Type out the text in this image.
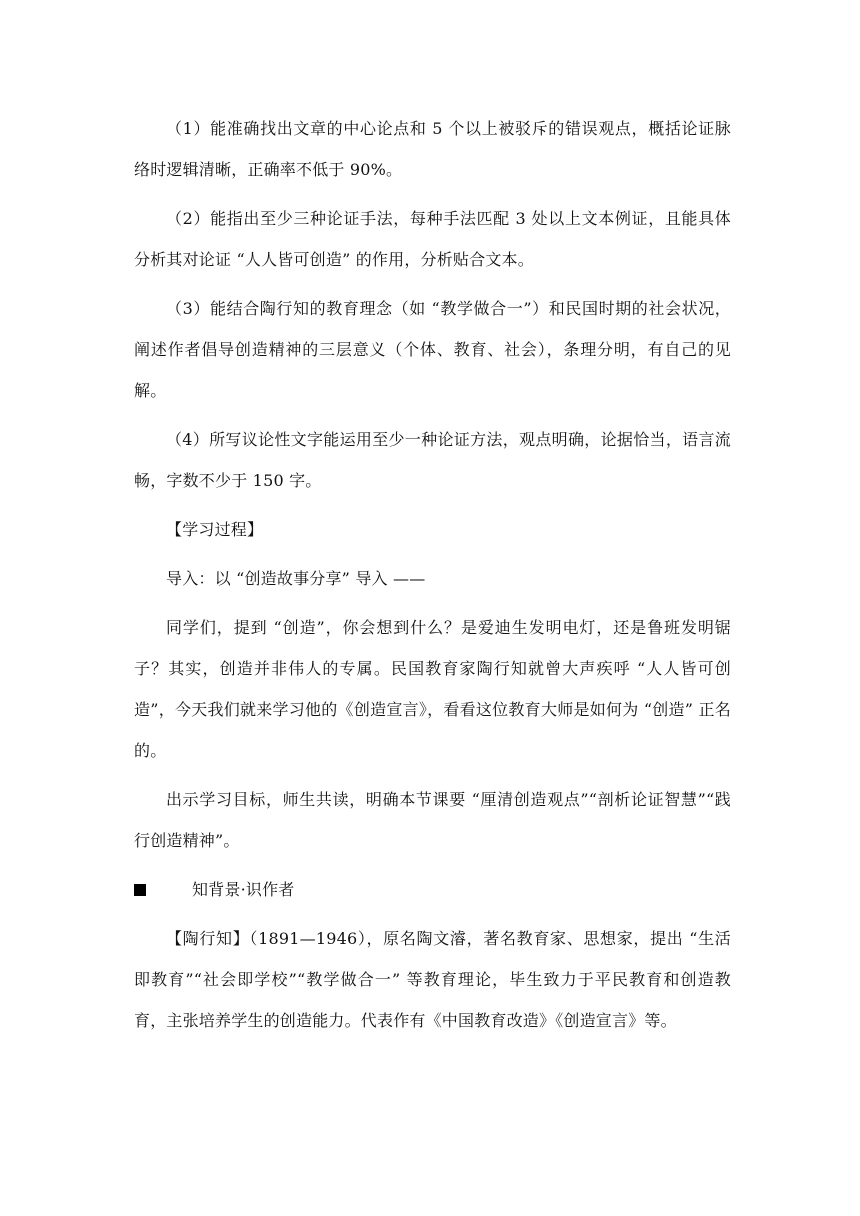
（1）能准确找出文章的中心论点和 5 个以上被驳斥的错误观点，概括论证脉络时逻辑清晰，正确率不低于 90%。

（2）能指出至少三种论证手法，每种手法匹配 3 处以上文本例证，且能具体分析其对论证 “人人皆可创造” 的作用，分析贴合文本。

（3）能结合陶行知的教育理念（如 “教学做合一”）和民国时期的社会状况，阐述作者倡导创造精神的三层意义（个体、教育、社会），条理分明，有自己的见解。

（4）所写议论性文字能运用至少一种论证方法，观点明确，论据恰当，语言流畅，字数不少于 150 字。

【学习过程】

导入：以 “创造故事分享” 导入 ——

同学们，提到 “创造”，你会想到什么？是爱迪生发明电灯，还是鲁班发明锯子？其实，创造并非伟人的专属。民国教育家陶行知就曾大声疾呼 “人人皆可创造”，今天我们就来学习他的《创造宣言》，看看这位教育大师是如何为 “创造” 正名的。

出示学习目标，师生共读，明确本节课要 “厘清创造观点”“剖析论证智慧”“践行创造精神”。

知背景·识作者

【陶行知】（1891—1946），原名陶文濬，著名教育家、思想家，提出 “生活即教育”“社会即学校”“教学做合一” 等教育理论，毕生致力于平民教育和创造教育，主张培养学生的创造能力。代表作有《中国教育改造》《创造宣言》等。
